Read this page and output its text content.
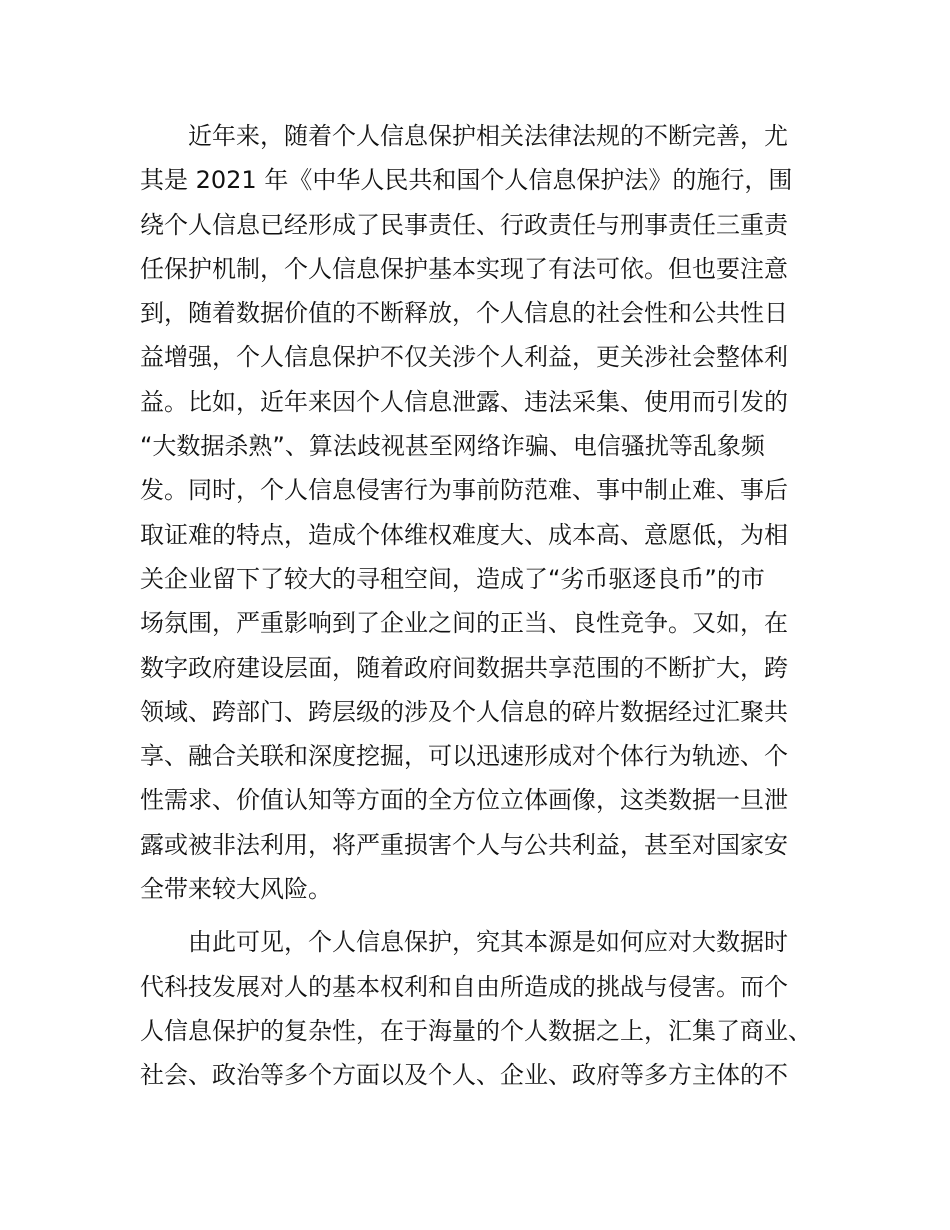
近年来，随着个人信息保护相关法律法规的不断完善，尤
其是 2021 年《中华人民共和国个人信息保护法》的施行，围
绕个人信息已经形成了民事责任、行政责任与刑事责任三重责
任保护机制，个人信息保护基本实现了有法可依。但也要注意
到，随着数据价值的不断释放，个人信息的社会性和公共性日
益增强，个人信息保护不仅关涉个人利益，更关涉社会整体利
益。比如，近年来因个人信息泄露、违法采集、使用而引发的
“大数据杀熟”、算法歧视甚至网络诈骗、电信骚扰等乱象频
发。同时，个人信息侵害行为事前防范难、事中制止难、事后
取证难的特点，造成个体维权难度大、成本高、意愿低，为相
关企业留下了较大的寻租空间，造成了“劣币驱逐良币”的市
场氛围，严重影响到了企业之间的正当、良性竞争。又如，在
数字政府建设层面，随着政府间数据共享范围的不断扩大，跨
领域、跨部门、跨层级的涉及个人信息的碎片数据经过汇聚共
享、融合关联和深度挖掘，可以迅速形成对个体行为轨迹、个
性需求、价值认知等方面的全方位立体画像，这类数据一旦泄
露或被非法利用，将严重损害个人与公共利益，甚至对国家安
全带来较大风险。
由此可见，个人信息保护，究其本源是如何应对大数据时
代科技发展对人的基本权利和自由所造成的挑战与侵害。而个
人信息保护的复杂性，在于海量的个人数据之上，汇集了商业、
社会、政治等多个方面以及个人、企业、政府等多方主体的不
